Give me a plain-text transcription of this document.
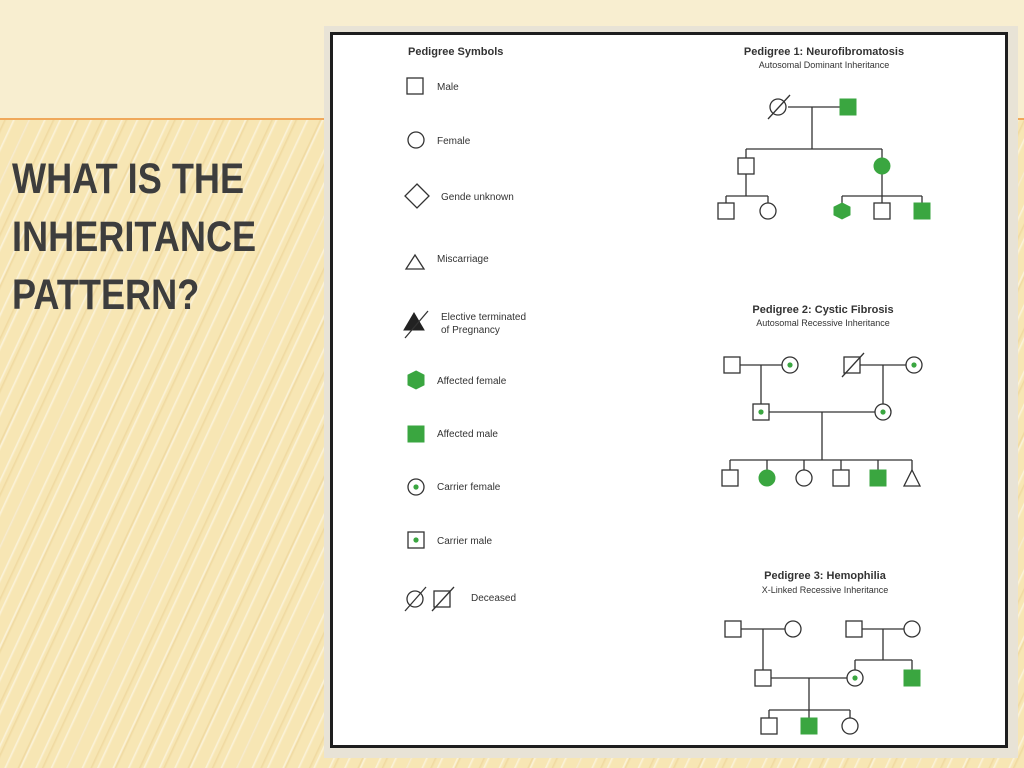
WHAT IS THE
INHERITANCE
PATTERN?
Pedigree Symbols
Male
Female
Gende unknown
Miscarriage
Elective terminated
of Pregnancy
Affected female
Affected male
Carrier female
Carrier male
Deceased
Pedigree 1: Neurofibromatosis
Autosomal Dominant Inheritance
Pedigree 2: Cystic Fibrosis
Autosomal Recessive Inheritance
Pedigree 3: Hemophilia
X-Linked Recessive Inheritance
